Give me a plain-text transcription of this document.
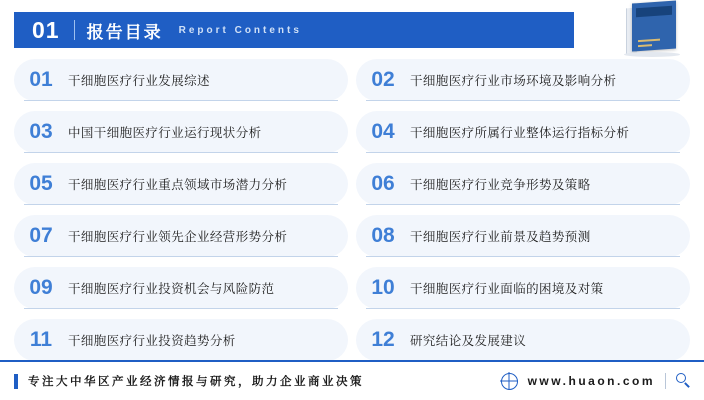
01 报告目录 Report Contents
01	干细胞医疗行业发展综述	02	干细胞医疗行业市场环境及影响分析
03	中国干细胞医疗行业运行现状分析	04	干细胞医疗所属行业整体运行指标分析
05	干细胞医疗行业重点领域市场潜力分析	06	干细胞医疗行业竞争形势及策略
07	干细胞医疗行业领先企业经营形势分析	08	干细胞医疗行业前景及趋势预测
09	干细胞医疗行业投资机会与风险防范	10	干细胞医疗行业面临的困境及对策
11	干细胞医疗行业投资趋势分析	12	研究结论及发展建议
专注大中华区产业经济情报与研究，助力企业商业决策	www.huaon.com
